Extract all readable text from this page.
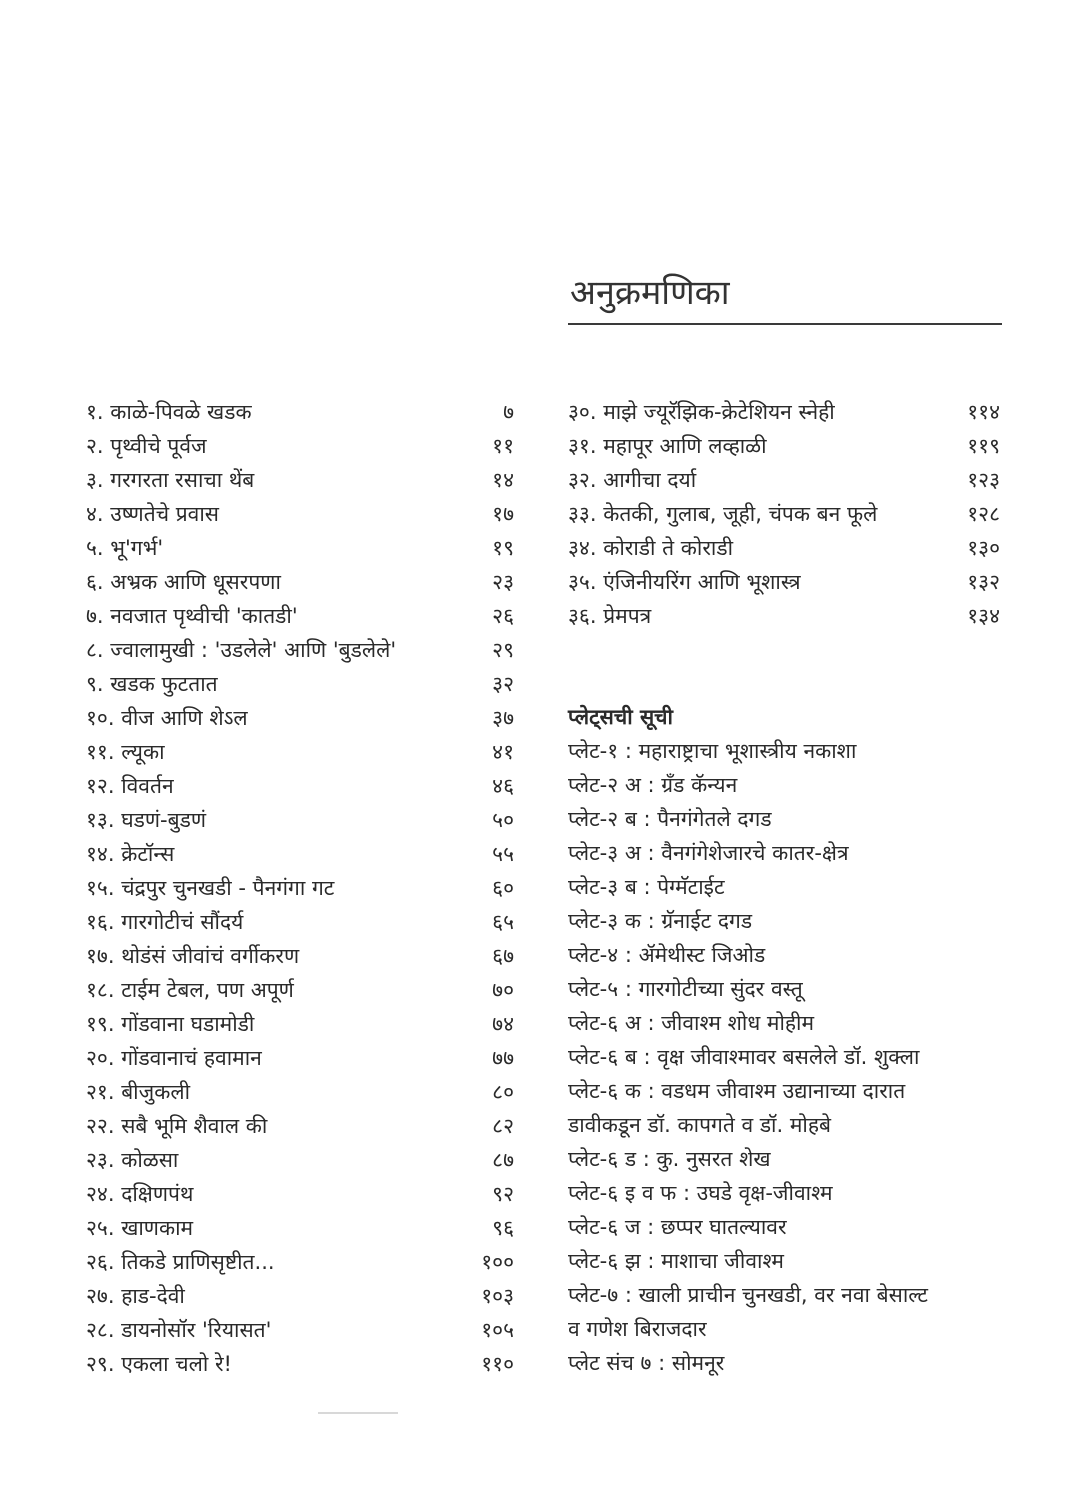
अनुक्रमणिका
१. काळे-पिवळे खडक	७
२. पृथ्वीचे पूर्वज	११
३. गरगरता रसाचा थेंब	१४
४. उष्णतेचे प्रवास	१७
५. भू'गर्भ'	१९
६. अभ्रक आणि धूसरपणा	२३
७. नवजात पृथ्वीची 'कातडी'	२६
८. ज्वालामुखी : 'उडलेले' आणि 'बुडलेले'	२९
९. खडक फुटतात	३२
१०. वीज आणि शेऽल	३७
११. ल्यूका	४१
१२. विवर्तन	४६
१३. घडणं-बुडणं	५०
१४. क्रेटॉन्स	५५
१५. चंद्रपुर चुनखडी - पैनगंगा गट	६०
१६. गारगोटीचं सौंदर्य	६५
१७. थोडंसं जीवांचं वर्गीकरण	६७
१८. टाईम टेबल, पण अपूर्ण	७०
१९. गोंडवाना घडामोडी	७४
२०. गोंडवानाचं हवामान	७७
२१. बीजुकली	८०
२२. सबै भूमि शैवाल की	८२
२३. कोळसा	८७
२४. दक्षिणपंथ	९२
२५. खाणकाम	९६
२६. तिकडे प्राणिसृष्टीत...	१००
२७. हाड-देवी	१०३
२८. डायनोसॉर 'रियासत'	१०५
२९. एकला चलो रे!	११०
३०. माझे ज्यूरॅझिक-क्रेटेशियन स्नेही	११४
३१. महापूर आणि लव्हाळी	११९
३२. आगीचा दर्या	१२३
३३. केतकी, गुलाब, जूही, चंपक बन फूले	१२८
३४. कोराडी ते कोराडी	१३०
३५. एंजिनीयरिंग आणि भूशास्त्र	१३२
३६. प्रेमपत्र	१३४
प्लेट्सची सूची
प्लेट-१ : महाराष्ट्राचा भूशास्त्रीय नकाशा
प्लेट-२ अ : ग्रँड कॅन्यन
प्लेट-२ ब : पैनगंगेतले दगड
प्लेट-३ अ : वैनगंगेशेजारचे कातर-क्षेत्र
प्लेट-३ ब : पेग्मॅटाईट
प्लेट-३ क : ग्रॅनाईट दगड
प्लेट-४ : ॲमेथीस्ट जिओड
प्लेट-५ : गारगोटीच्या सुंदर वस्तू
प्लेट-६ अ : जीवाश्म शोध मोहीम
प्लेट-६ ब : वृक्ष जीवाश्मावर बसलेले डॉ. शुक्ला
प्लेट-६ क : वडधम जीवाश्म उद्यानाच्या दारात
डावीकडून डॉ. कापगते व डॉ. मोहबे
प्लेट-६ ड : कु. नुसरत शेख
प्लेट-६ इ व फ : उघडे वृक्ष-जीवाश्म
प्लेट-६ ज : छप्पर घातल्यावर
प्लेट-६ झ : माशाचा जीवाश्म
प्लेट-७ : खाली प्राचीन चुनखडी, वर नवा बेसाल्ट
व गणेश बिराजदार
प्लेट संच ७ : सोमनूर
